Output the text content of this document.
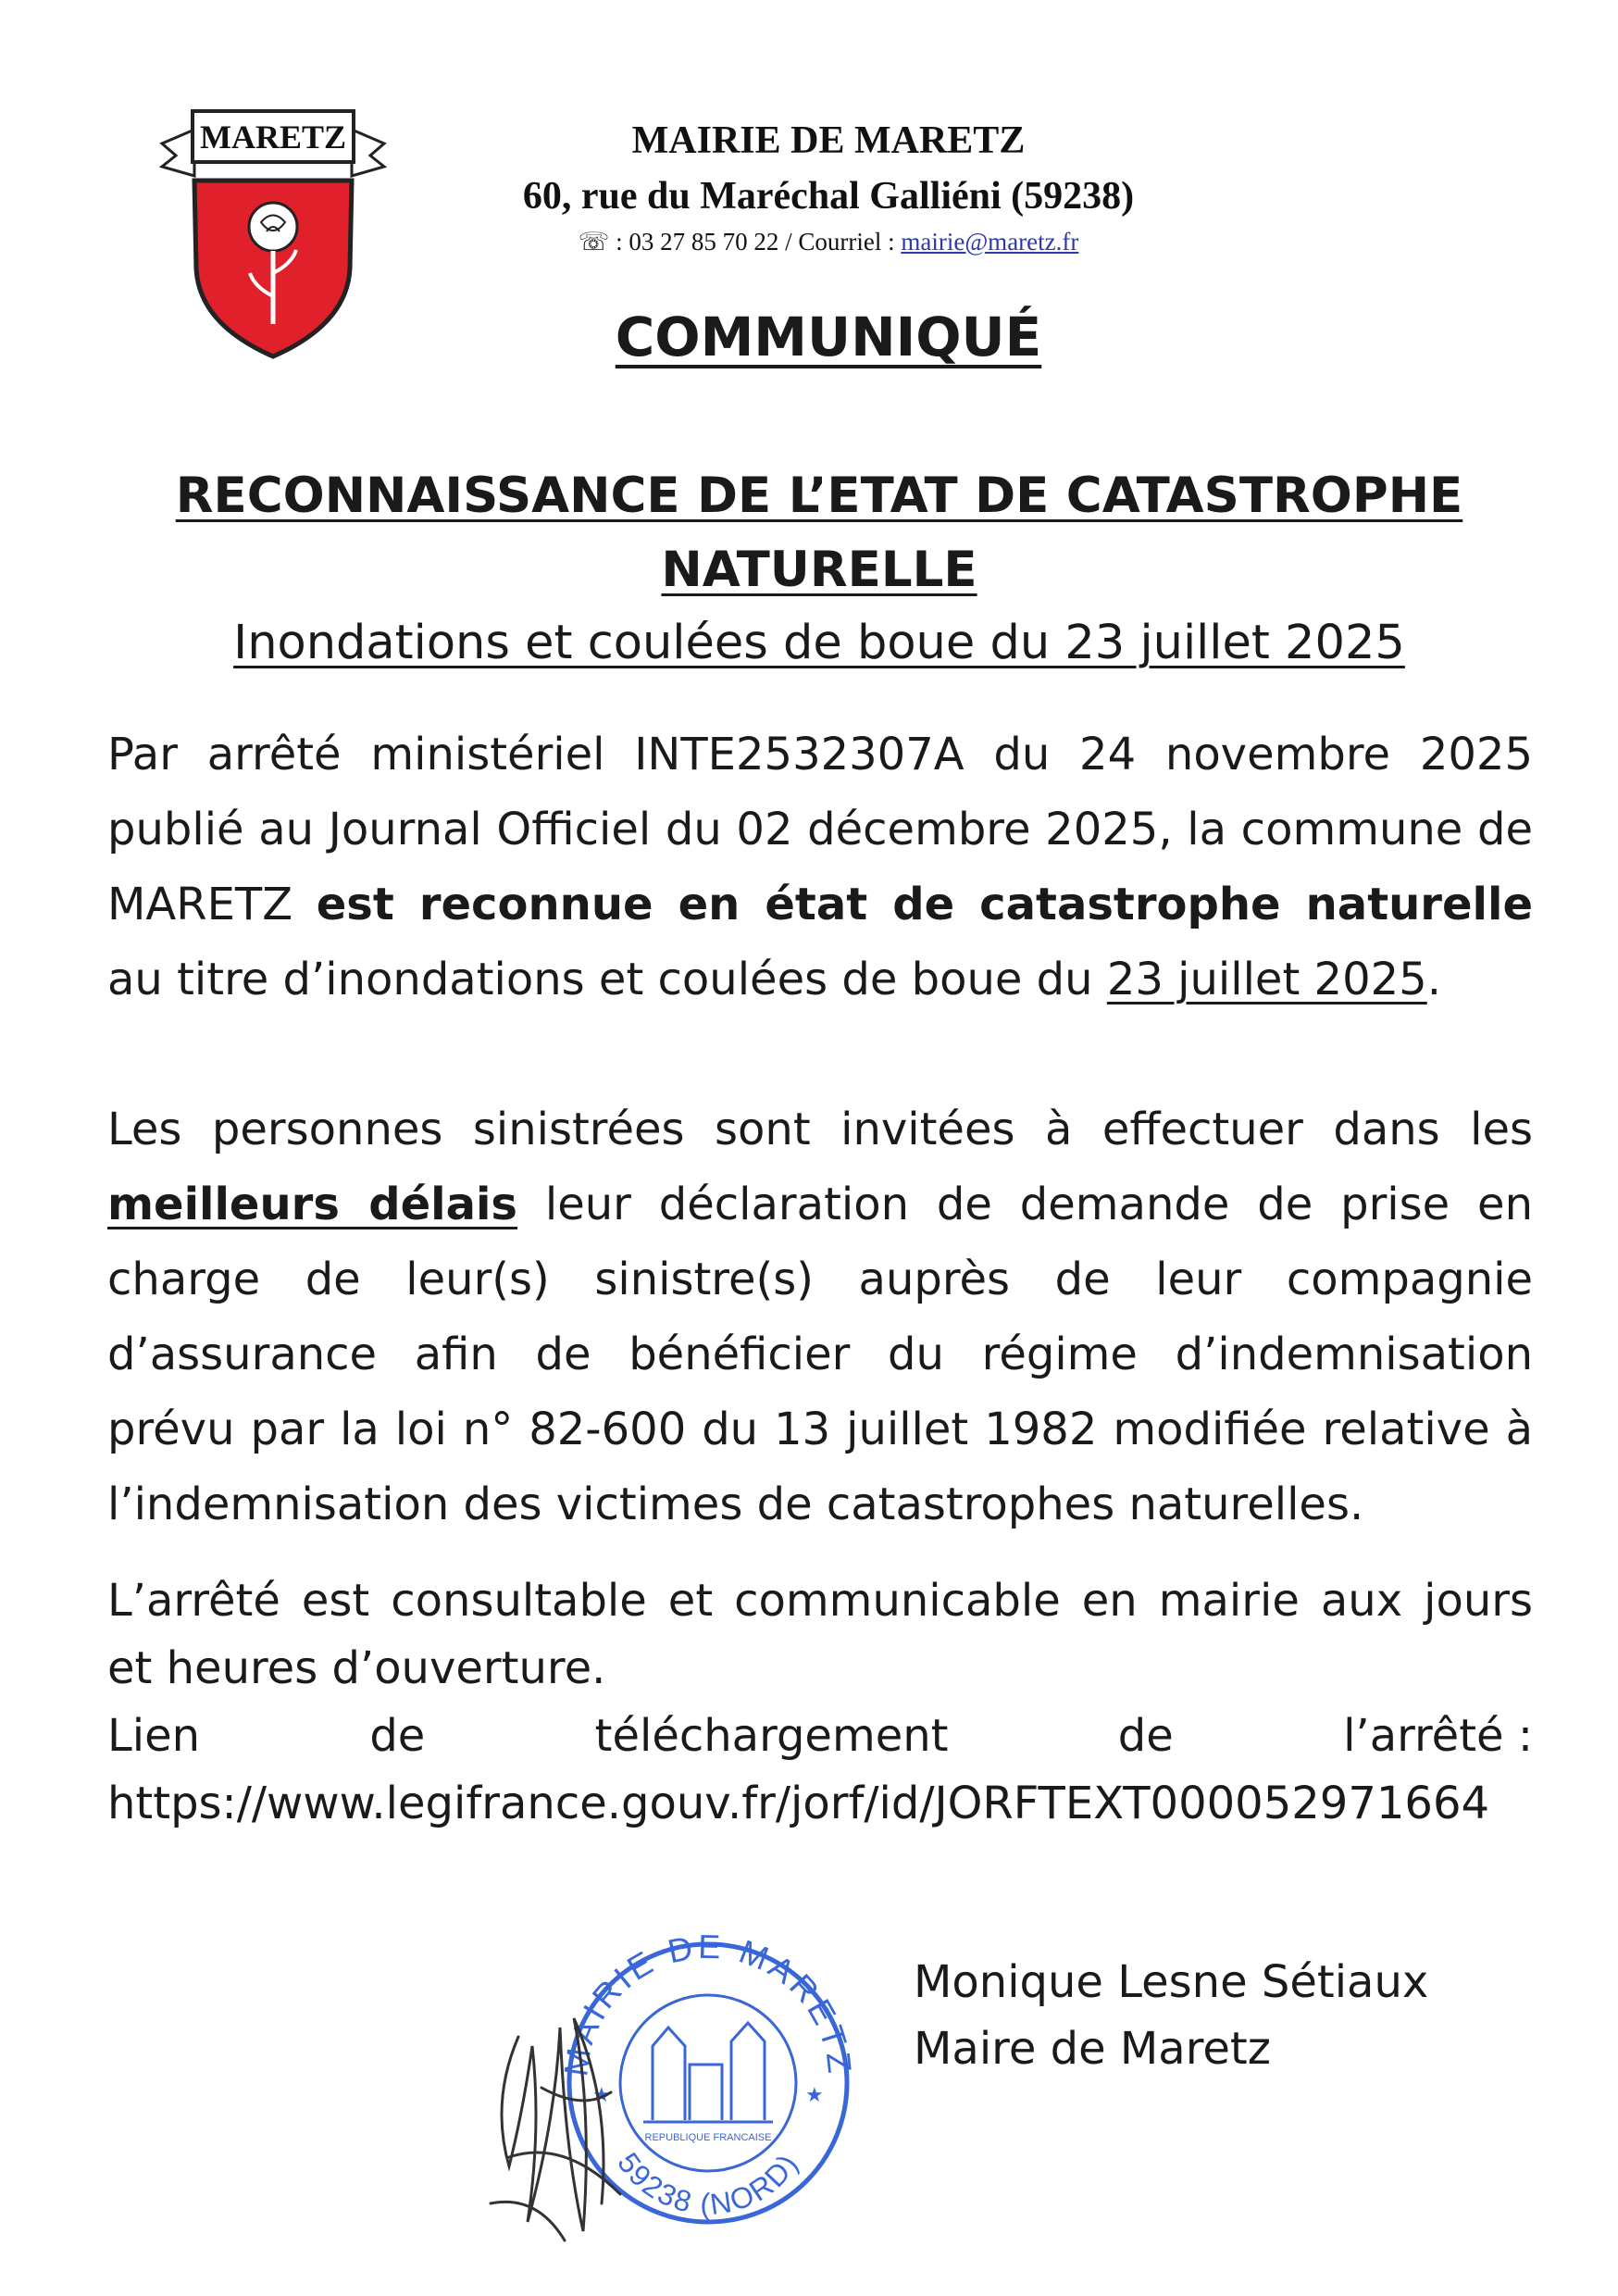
MARETZ	MAIRIE DE MARETZ
60, rue du Maréchal Galliéni (59238)
☏ : 03 27 85 70 22 / Courriel : mairie@maretz.fr
COMMUNIQUÉ
RECONNAISSANCE DE L’ETAT DE CATASTROPHE
NATURELLE
Inondations et coulées de boue du 23 juillet 2025
Par arrêté ministériel INTE2532307A du 24 novembre 2025 publié au Journal Officiel du 02 décembre 2025, la commune de MARETZ est reconnue en état de catastrophe naturelle au titre d’inondations et coulées de boue du 23 juillet 2025.
Les personnes sinistrées sont invitées à effectuer dans les meilleurs délais leur déclaration de demande de prise en charge de leur(s) sinistre(s) auprès de leur compagnie d’assurance afin de bénéficier du régime d’indemnisation prévu par la loi n° 82-600 du 13 juillet 1982 modifiée relative à l’indemnisation des victimes de catastrophes naturelles.
L’arrêté est consultable et communicable en mairie aux jours et heures d’ouverture.
Lien	de	téléchargement	de	l’arrêté :
https://www.legifrance.gouv.fr/jorf/id/JORFTEXT000052971664
MAIRIE DE MARETZ
59238 (NORD)
REPUBLIQUE FRANCAISE
★	★
Monique Lesne Sétiaux
Maire de Maretz
